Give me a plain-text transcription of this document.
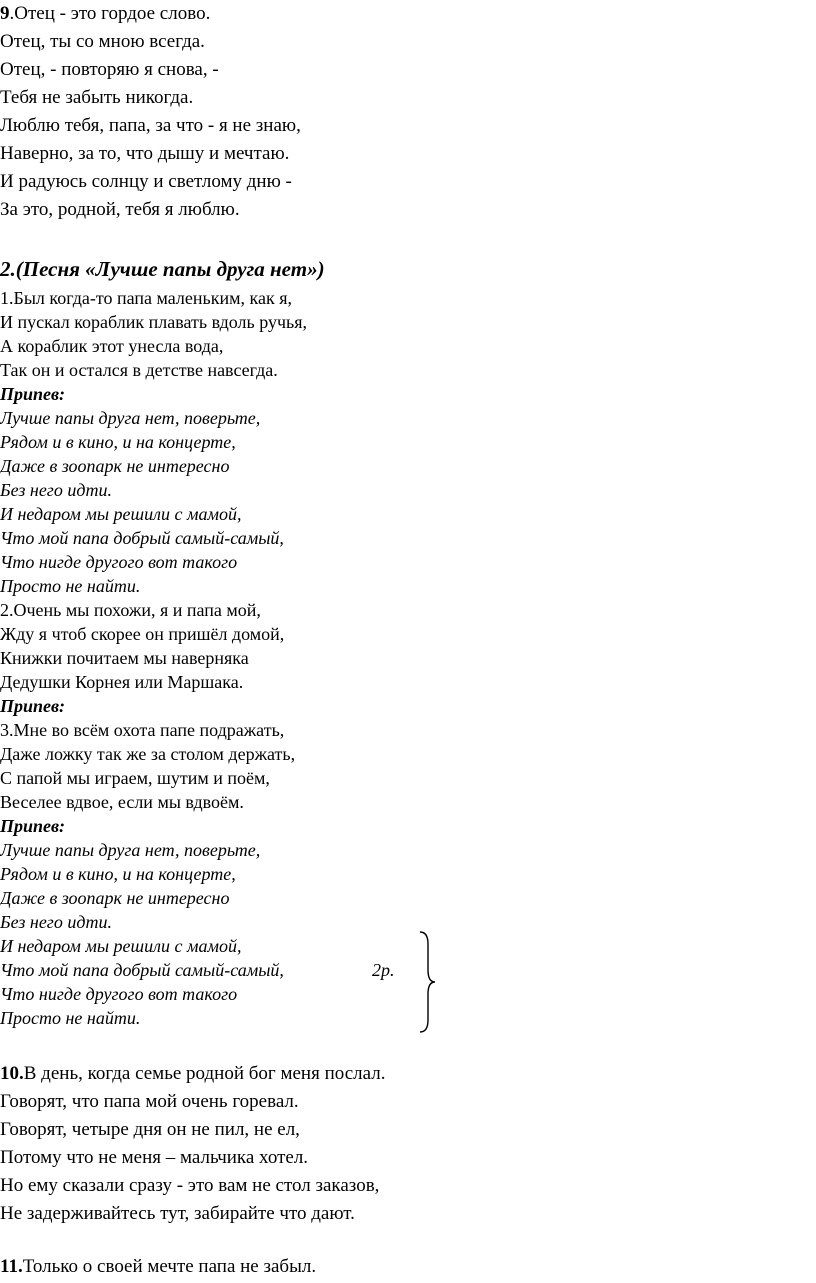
9.Отец - это гордое слово.
Отец, ты со мною всегда.
Отец, - повторяю я снова, -
Тебя не забыть никогда.
Люблю тебя, папа, за что - я не знаю,
Наверно, за то, что дышу и мечтаю.
И радуюсь солнцу и светлому дню -
За это, родной, тебя я люблю.
2.(Песня «Лучше папы друга нет»)
1.Был когда-то папа маленьким, как я,
И пускал кораблик плавать вдоль ручья,
А кораблик этот унесла вода,
Так он и остался в детстве навсегда.
Припев:
Лучше папы друга нет, поверьте,
Рядом и в кино, и на концерте,
Даже в зоопарк не интересно
Без него идти.
И недаром мы решили с мамой,
Что мой папа добрый самый-самый,
Что нигде другого вот такого
Просто не найти.
2.Очень мы похожи, я и папа мой,
Жду я чтоб скорее он пришёл домой,
Книжки почитаем мы наверняка
Дедушки Корнея или Маршака.
Припев:
3.Мне во всём охота папе подражать,
Даже ложку так же за столом держать,
С папой мы играем, шутим и поём,
Веселее вдвое, если мы вдвоём.
Припев:
Лучше папы друга нет, поверьте,
Рядом и в кино, и на концерте,
Даже в зоопарк не интересно
Без него идти.
И недаром мы решили с мамой,
Что мой папа добрый самый-самый,
Что нигде другого вот такого
Просто не найти.
2р.
10.В день, когда семье родной бог меня послал.
Говорят, что папа мой очень горевал.
Говорят, четыре дня он не пил, не ел,
Потому что не меня – мальчика хотел.
Но ему сказали сразу - это вам не стол заказов,
Не задерживайтесь тут, забирайте что дают.
11.Только о своей мечте папа не забыл.
